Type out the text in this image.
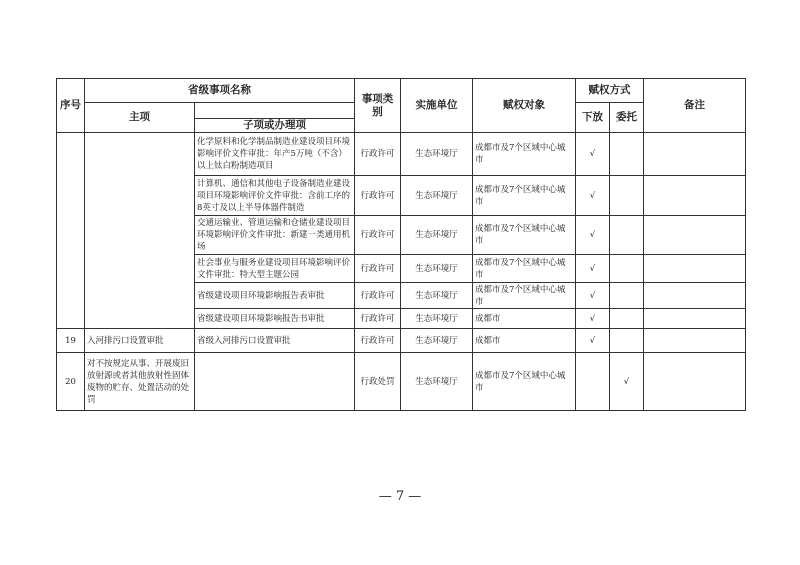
序号	省级事项名称		事项类别	实施单位	赋权对象	赋权方式		备注
	主项					下放	委托	
		子项或办理项						
		化学原料和化学制品制造业建设项目环境影响评价文件审批：年产5万吨（不含）以上钛白粉制造项目	行政许可	生态环境厅	成都市及7个区域中心城市	√		
		计算机、通信和其他电子设备制造业建设项目环境影响评价文件审批：含前工序的8英寸及以上半导体器件制造	行政许可	生态环境厅	成都市及7个区域中心城市	√		
		交通运输业、管道运输和仓储业建设项目环境影响评价文件审批：新建一类通用机场	行政许可	生态环境厅	成都市及7个区域中心城市	√		
		社会事业与服务业建设项目环境影响评价文件审批：特大型主题公园	行政许可	生态环境厅	成都市及7个区域中心城市	√		
		省级建设项目环境影响报告表审批	行政许可	生态环境厅	成都市及7个区域中心城市	√		
		省级建设项目环境影响报告书审批	行政许可	生态环境厅	成都市	√		
19	入河排污口设置审批	省级入河排污口设置审批	行政许可	生态环境厅	成都市	√		
20	对不按规定从事、开展废旧放射源或者其他放射性固体废物的贮存、处置活动的处罚		行政处罚	生态环境厅	成都市及7个区域中心城市		√	
— 7 —
